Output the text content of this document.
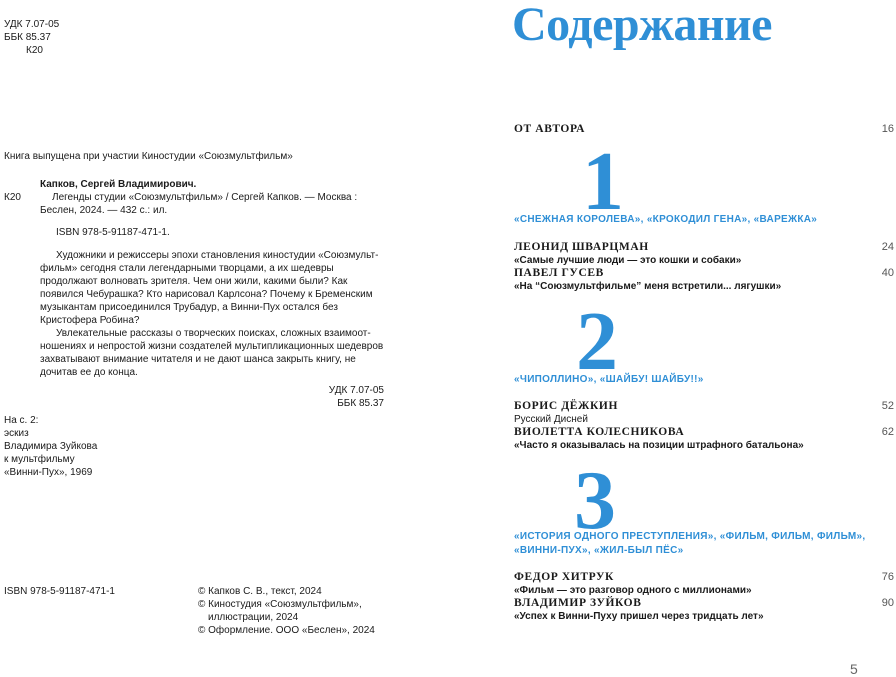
УДК 7.07-05
ББК 85.37
К20
Книга выпущена при участии Киностудии «Союзмультфильм»
Капков, Сергей Владимирович.
К20	Легенды студии «Союзмультфильм» / Сергей Капков. — Москва :
Беслен, 2024. — 432 с.: ил.
ISBN 978-5-91187-471-1.
Художники и режиссеры эпохи становления киностудии «Союзмульт-фильм» сегодня стали легендарными творцами, а их шедевры продолжают волновать зрителя. Чем они жили, какими были? Как появился Чебурашка? Кто нарисовал Карлсона? Почему к Бременским музыкантам присоединился Трубадур, а Винни-Пух остался без Кристофера Робина?
Увлекательные рассказы о творческих поисках, сложных взаимоот-ношениях и непростой жизни создателей мультипликационных шедевров захватывают внимание читателя и не дают шанса закрыть книгу, не дочитав ее до конца.
УДК 7.07-05
ББК 85.37
На с. 2:
эскиз
Владимира Зуйкова
к мультфильму
«Винни-Пух», 1969
ISBN 978-5-91187-471-1	© Капков С. В., текст, 2024
© Киностудия «Союзмультфильм»,
иллюстрации, 2024
© Оформление. ООО «Беслен», 2024
Содержание
ОТ АВТОРА	16
1
«СНЕЖНАЯ КОРОЛЕВА», «КРОКОДИЛ ГЕНА», «ВАРЕЖКА»
ЛЕОНИД ШВАРЦМАН	24
«Самые лучшие люди — это кошки и собаки»
ПАВЕЛ ГУСЕВ	40
«На “Союзмультфильме” меня встретили... лягушки»
2
«ЧИПОЛЛИНО», «ШАЙБУ! ШАЙБУ!!»
БОРИС ДЁЖКИН	52
Русский Дисней
ВИОЛЕТТА КОЛЕСНИКОВА	62
«Часто я оказывалась на позиции штрафного батальона»
3
«ИСТОРИЯ ОДНОГО ПРЕСТУПЛЕНИЯ», «ФИЛЬМ, ФИЛЬМ, ФИЛЬМ»,
«ВИННИ-ПУХ», «ЖИЛ-БЫЛ ПЁС»
ФЕДОР ХИТРУК	76
«Фильм — это разговор одного с миллионами»
ВЛАДИМИР ЗУЙКОВ	90
«Успех к Винни-Пуху пришел через тридцать лет»
5
